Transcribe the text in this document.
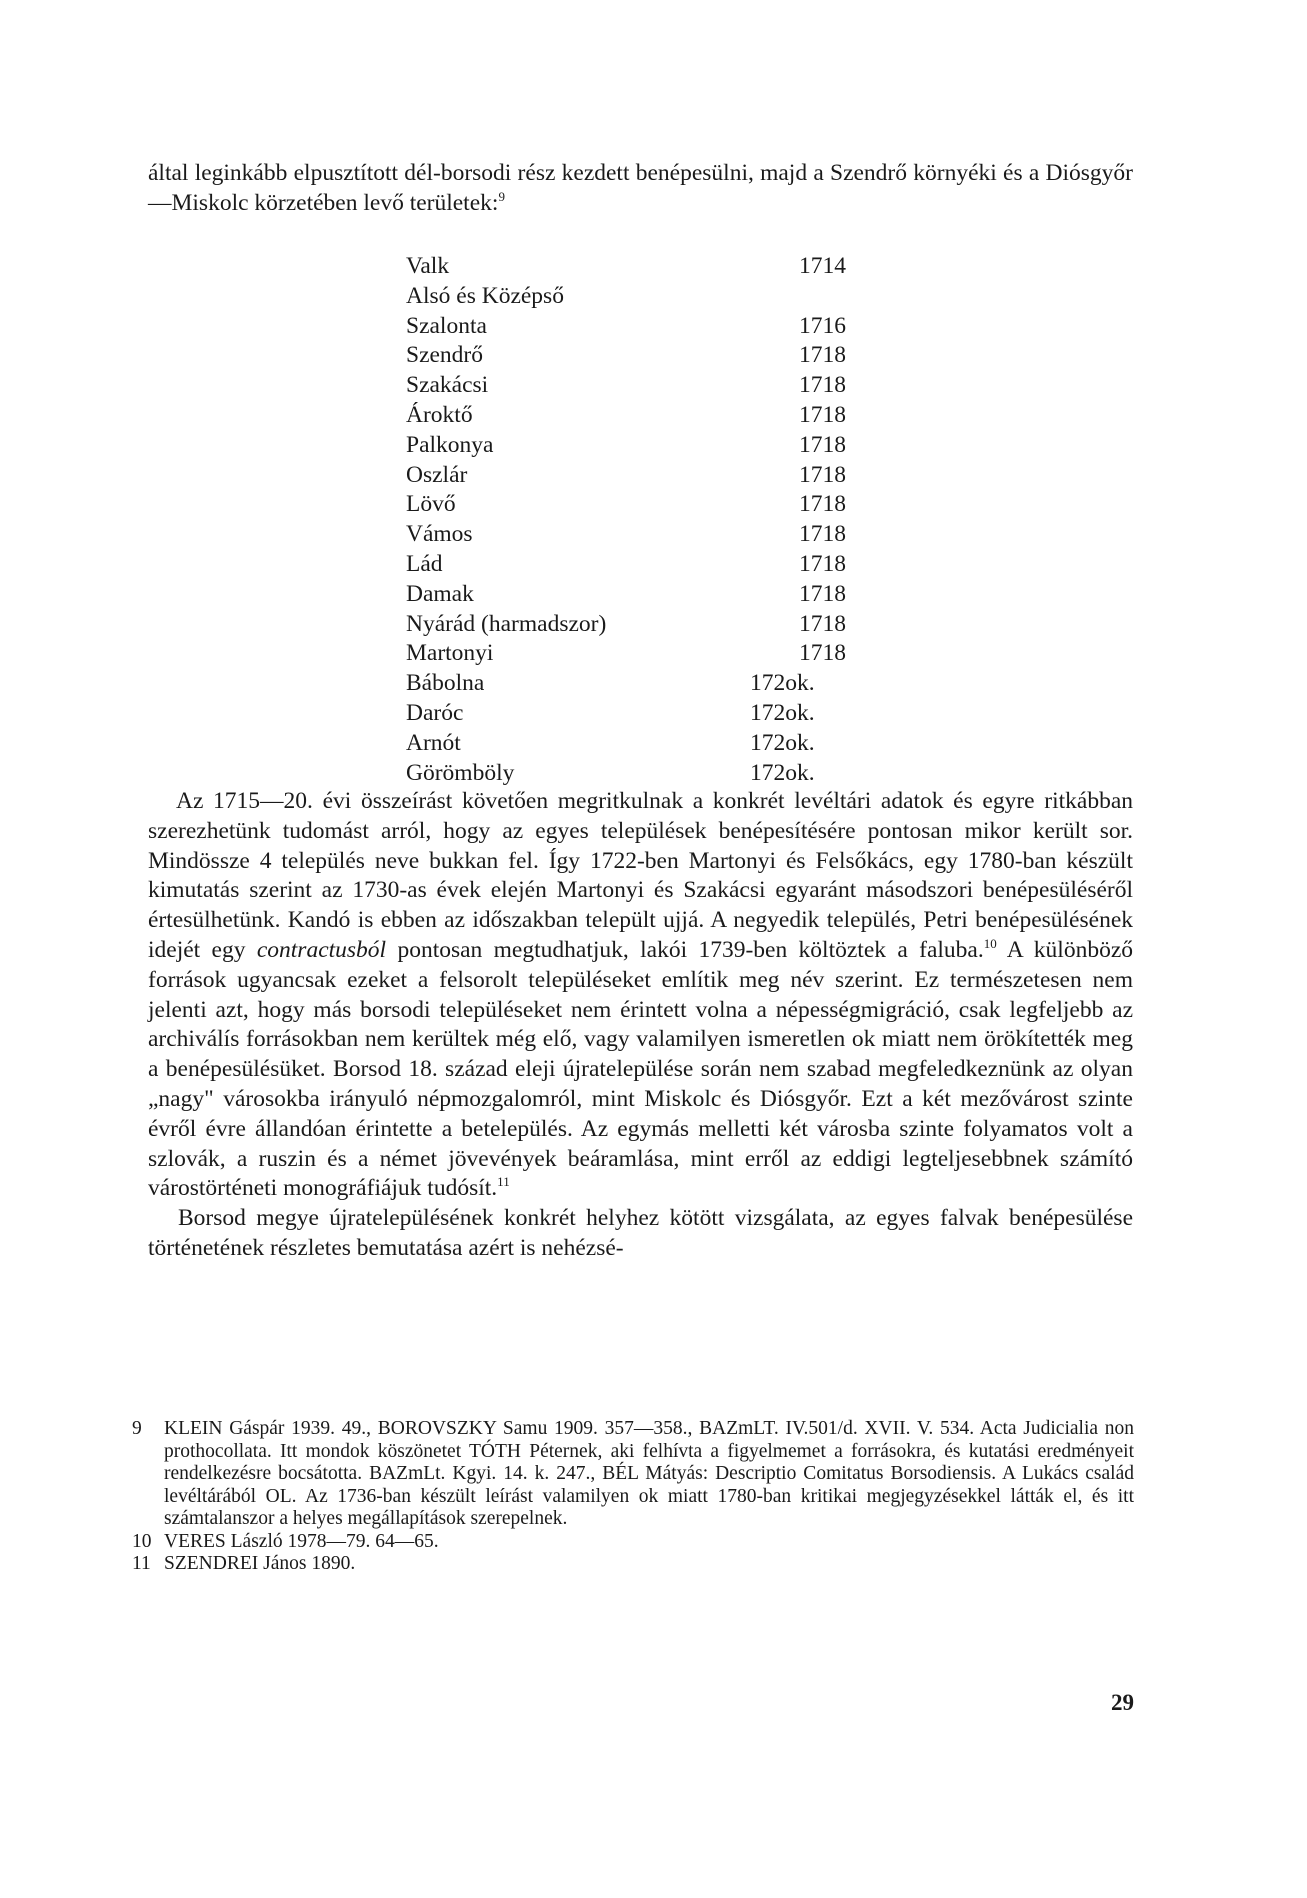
által leginkább elpusztított dél-borsodi rész kezdett benépesülni, majd a Szendrő környéki és a Diósgyőr—Miskolc körzetében levő területek:$^9$

Valk	1714
Alsó és Középső
Szalonta	1716
Szendrő	1718
Szakácsi	1718
Ároktő	1718
Palkonya	1718
Oszlár	1718
Lövő	1718
Vámos	1718
Lád	1718
Damak	1718
Nyárád (harmadszor)	1718
Martonyi	1718
Bábolna	172ok.
Daróc	172ok.
Arnót	172ok.
Görömböly	172ok.

Az 1715—20. évi összeírást követően megritkulnak a konkrét levéltári adatok és egyre ritkábban szerezhetünk tudomást arról, hogy az egyes települések benépesítésére pontosan mikor került sor. Mindössze 4 település neve bukkan fel. Így 1722-ben Martonyi és Felsőkács, egy 1780-ban készült kimutatás szerint az 1730-as évek elején Martonyi és Szakácsi egyaránt másodszori benépesüléséről értesülhetünk. Kandó is ebben az időszakban települt ujjá. A negyedik település, Petri benépesülésének idejét egy contractusból pontosan megtudhatjuk, lakói 1739-ben költöztek a faluba.$^{10}$ A különböző források ugyancsak ezeket a felsorolt településeket említik meg név szerint. Ez természetesen nem jelenti azt, hogy más borsodi településeket nem érintett volna a népességmigráció, csak legfeljebb az archiválís forrásokban nem kerültek még elő, vagy valamilyen ismeretlen ok miatt nem örökítették meg a benépesülésüket. Borsod 18. század eleji újratelepülése során nem szabad megfeledkeznünk az olyan „nagy" városokba irányuló népmozgalomról, mint Miskolc és Diósgyőr. Ezt a két mezővárost szinte évről évre állandóan érintette a betelepülés. Az egymás melletti két városba szinte folyamatos volt a szlovák, a ruszin és a német jövevények beáramlása, mint erről az eddigi legteljesebbnek számító várostörténeti monográfiájuk tudósít.$^{11}$

Borsod megye újratelepülésének konkrét helyhez kötött vizsgálata, az egyes falvak benépesülése történetének részletes bemutatása azért is nehézsé-

9	KLEIN Gáspár 1939. 49., BOROVSZKY Samu 1909. 357—358., BAZmLT. IV.501/d. XVII. V. 534. Acta Judicialia non prothocollata. Itt mondok köszönetet TÓTH Péternek, aki felhívta a figyelmemet a forrásokra, és kutatási eredményeit rendelkezésre bocsátotta. BAZmLt. Kgyi. 14. k. 247., BÉL Mátyás: Descriptio Comitatus Borsodiensis. A Lukács család levéltárából OL. Az 1736-ban készült leírást valamilyen ok miatt 1780-ban kritikai megjegyzésekkel látták el, és itt számtalanszor a helyes megállapítások szerepelnek.
10 VERES László 1978—79. 64—65.
11 SZENDREI János 1890.
29
